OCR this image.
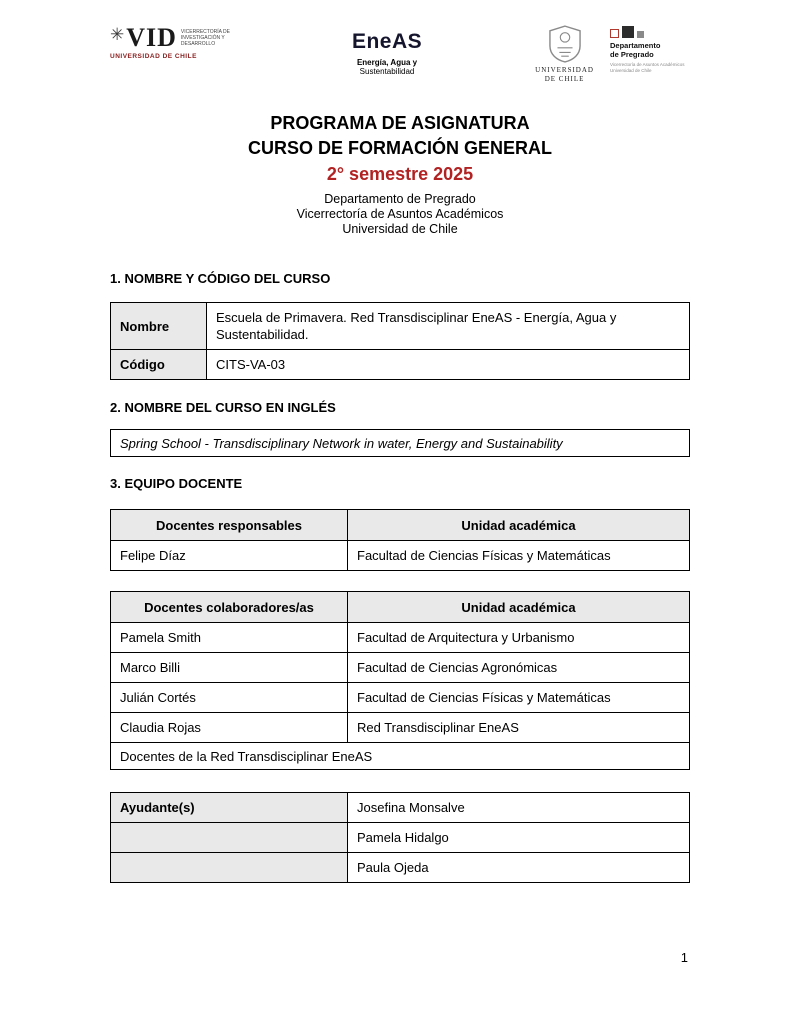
✳ VID VICERRECTORÍA DE INVESTIGACIÓN Y DESARROLLO
UNIVERSIDAD DE CHILE
EneAS
Energía, Agua y
Sustentabilidad	UNIVERSIDAD
DE CHILE
Departamento
de Pregrado
Vicerrectoría de Asuntos Académicos
Universidad de Chile
PROGRAMA DE ASIGNATURA
CURSO DE FORMACIÓN GENERAL
2° semestre 2025
Departamento de Pregrado
Vicerrectoría de Asuntos Académicos
Universidad de Chile
1. NOMBRE Y CÓDIGO DEL CURSO
Nombre	Escuela de Primavera. Red Transdisciplinar EneAS - Energía, Agua y Sustentabilidad.
Código	CITS-VA-03
2. NOMBRE DEL CURSO EN INGLÉS
Spring School - Transdisciplinary Network in water, Energy and Sustainability
3. EQUIPO DOCENTE
Docentes responsables	Unidad académica
Felipe Díaz	Facultad de Ciencias Físicas y Matemáticas
Docentes colaboradores/as	Unidad académica
Pamela Smith	Facultad de Arquitectura y Urbanismo
Marco Billi	Facultad de Ciencias Agronómicas
Julián Cortés	Facultad de Ciencias Físicas y Matemáticas
Claudia Rojas	Red Transdisciplinar EneAS
Docentes de la Red Transdisciplinar EneAS	
Ayudante(s)	Josefina Monsalve
	Pamela Hidalgo
	Paula Ojeda
1
